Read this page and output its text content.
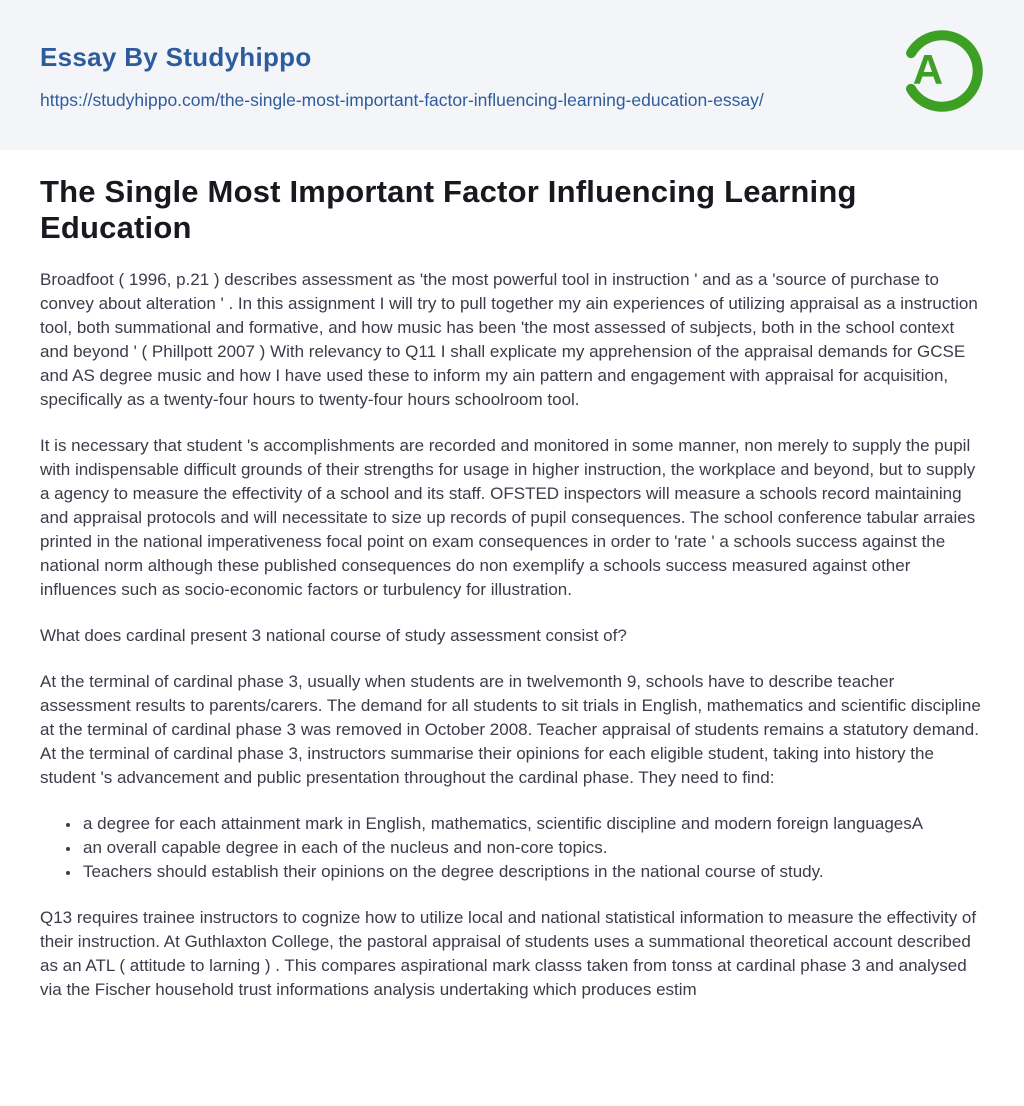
Essay By Studyhippo
https://studyhippo.com/the-single-most-important-factor-influencing-learning-education-essay/
A
The Single Most Important Factor Influencing Learning Education

Broadfoot ( 1996, p.21 ) describes assessment as 'the most powerful tool in instruction ' and as a 'source of purchase to convey about alteration ' . In this assignment I will try to pull together my ain experiences of utilizing appraisal as a instruction tool, both summational and formative, and how music has been 'the most assessed of subjects, both in the school context and beyond ' ( Phillpott 2007 ) With relevancy to Q11 I shall explicate my apprehension of the appraisal demands for GCSE and AS degree music and how I have used these to inform my ain pattern and engagement with appraisal for acquisition, specifically as a twenty-four hours to twenty-four hours schoolroom tool.

It is necessary that student 's accomplishments are recorded and monitored in some manner, non merely to supply the pupil with indispensable difficult grounds of their strengths for usage in higher instruction, the workplace and beyond, but to supply a agency to measure the effectivity of a school and its staff. OFSTED inspectors will measure a schools record maintaining and appraisal protocols and will necessitate to size up records of pupil consequences. The school conference tabular arraies printed in the national imperativeness focal point on exam consequences in order to 'rate ' a schools success against the national norm although these published consequences do non exemplify a schools success measured against other influences such as socio-economic factors or turbulency for illustration.

What does cardinal present 3 national course of study assessment consist of?

At the terminal of cardinal phase 3, usually when students are in twelvemonth 9, schools have to describe teacher assessment results to parents/carers. The demand for all students to sit trials in English, mathematics and scientific discipline at the terminal of cardinal phase 3 was removed in October 2008. Teacher appraisal of students remains a statutory demand. At the terminal of cardinal phase 3, instructors summarise their opinions for each eligible student, taking into history the student 's advancement and public presentation throughout the cardinal phase. They need to find:

• a degree for each attainment mark in English, mathematics, scientific discipline and modern foreign languagesA
• an overall capable degree in each of the nucleus and non-core topics.
• Teachers should establish their opinions on the degree descriptions in the national course of study.

Q13 requires trainee instructors to cognize how to utilize local and national statistical information to measure the effectivity of their instruction. At Guthlaxton College, the pastoral appraisal of students uses a summational theoretical account described as an ATL ( attitude to larning ) . This compares aspirational mark classs taken from tonss at cardinal phase 3 and analysed via the Fischer household trust informations analysis undertaking which produces estim
